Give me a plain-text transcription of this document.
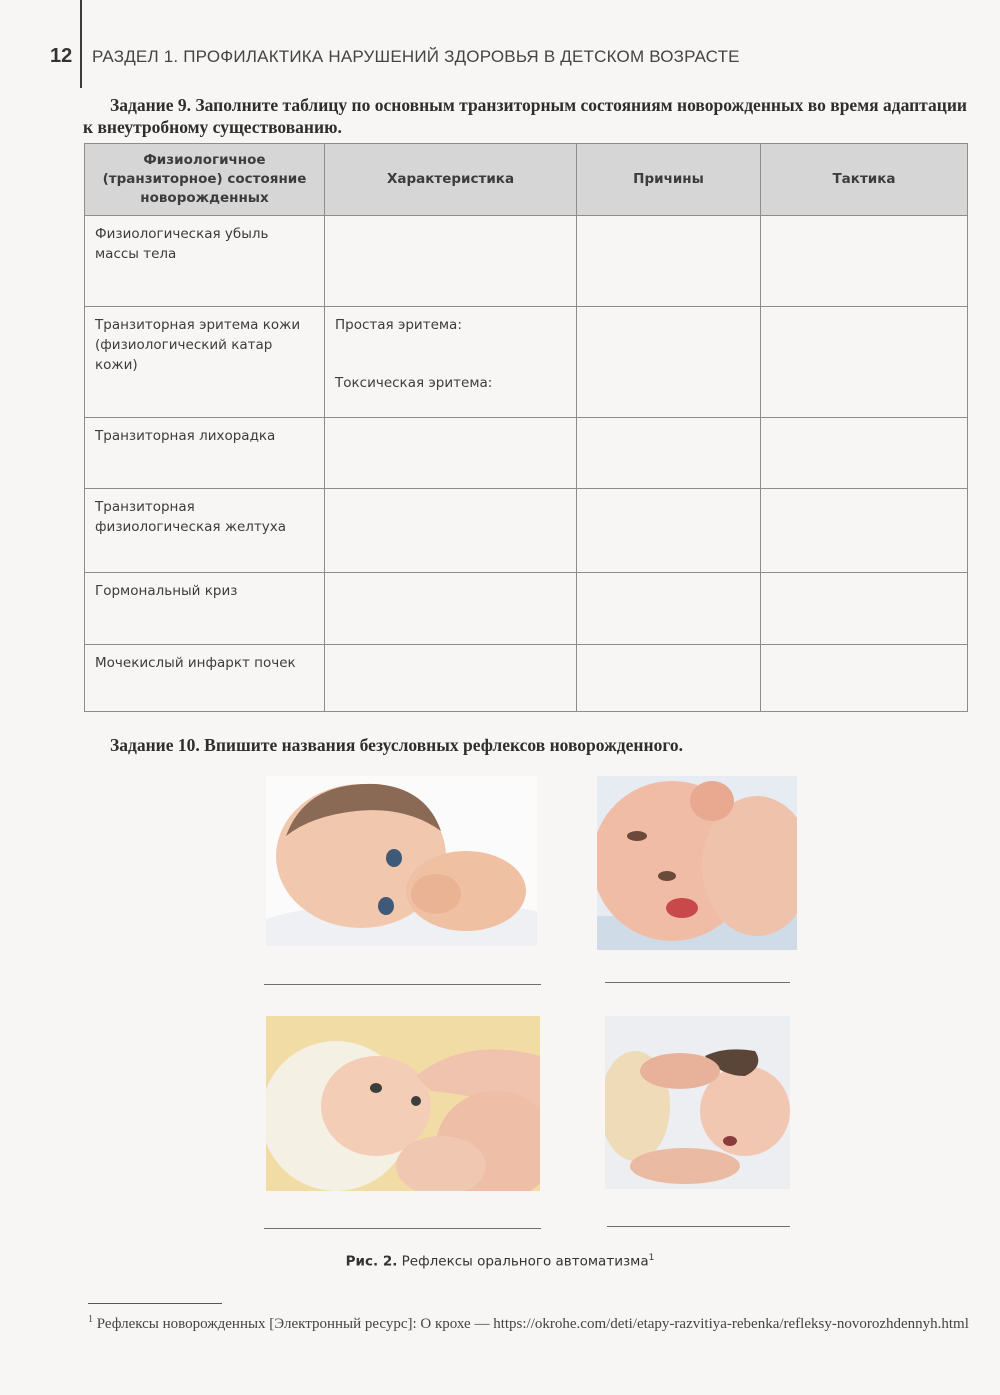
12 РАЗДЕЛ 1. ПРОФИЛАКТИКА НАРУШЕНИЙ ЗДОРОВЬЯ В ДЕТСКОМ ВОЗРАСТЕ
Задание 9. Заполните таблицу по основным транзиторным состояниям новорожденных во время адаптации к внеутробному существованию.
Физиологичное (транзиторное) состояние новорожденных	Характеристика	Причины	Тактика
Физиологическая убыль массы тела			
Транзиторная эритема кожи (физиологический катар кожи)	Простая эритема:
Токсическая эритема:		

Транзиторная лихорадка			
Транзиторная физиологическая желтуха			
Гормональный криз			
Мочекислый инфаркт почек			
Задание 10. Впишите названия безусловных рефлексов новорожденного.
Рис. 2. Рефлексы орального автоматизма$^1$
$^1$ Рефлексы новорожденных [Электронный ресурс]: О крохе — https://okrohe.com/deti/etapy-razvitiya-rebenka/refleksy-novorozhdennyh.html
